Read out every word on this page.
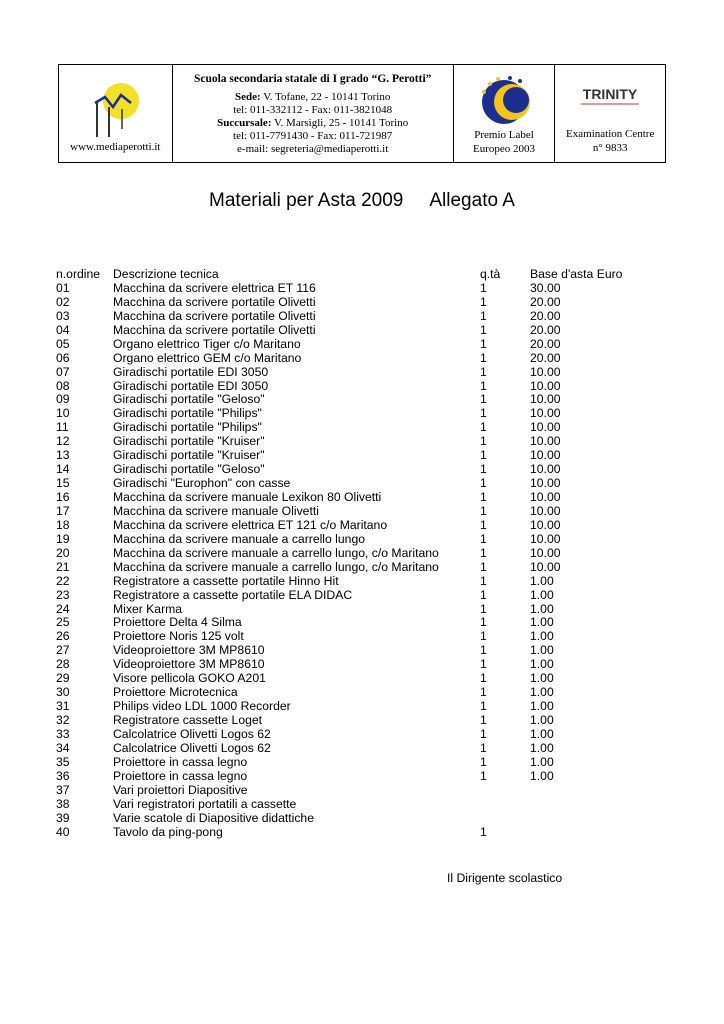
www.mediaperotti.it
Scuola secondaria statale di I grado “G. Perotti”
Sede: V. Tofane, 22 - 10141 Torino
tel: 011-332112 - Fax: 011-3821048
Succursale: V. Marsigli, 25 - 10141 Torino
tel: 011-7791430 - Fax: 011-721987
e-mail: segreteria@mediaperotti.it
Premio Label
Europeo 2003
TRINITY
Examination Centre
n° 9833
Materiali per Asta 2009 Allegato A
n.ordine Descrizione tecnica	q.tà Base d'asta Euro
01	Macchina da scrivere elettrica ET 116	1	30.00
02	Macchina da scrivere portatile Olivetti	1	20.00
03	Macchina da scrivere portatile Olivetti	1	20.00
04	Macchina da scrivere portatile Olivetti	1	20.00
05	Organo elettrico Tiger c/o Maritano	1	20.00
06	Organo elettrico GEM c/o Maritano	1	20.00
07	Giradischi portatile EDI 3050	1	10.00
08	Giradischi portatile EDI 3050	1	10.00
09	Giradischi portatile "Geloso"	1	10.00
10	Giradischi portatile "Philips"	1	10.00
11	Giradischi portatile "Philips"	1	10.00
12	Giradischi portatile "Kruiser"	1	10.00
13	Giradischi portatile "Kruiser"	1	10.00
14	Giradischi portatile "Geloso"	1	10.00
15	Giradischi "Europhon" con casse	1	10.00
16	Macchina da scrivere manuale Lexikon 80 Olivetti	1	10.00
17	Macchina da scrivere manuale Olivetti	1	10.00
18	Macchina da scrivere elettrica ET 121 c/o Maritano	1	10.00
19	Macchina da scrivere manuale a carrello lungo	1	10.00
20	Macchina da scrivere manuale a carrello lungo, c/o Maritano	1	10.00
21	Macchina da scrivere manuale a carrello lungo, c/o Maritano	1	10.00
22	Registratore a cassette portatile Hinno Hit	1	1.00
23	Registratore a cassette portatile ELA DIDAC	1	1.00
24	Mixer Karma	1	1.00
25	Proiettore Delta 4 Silma	1	1.00
26	Proiettore Noris 125 volt	1	1.00
27	Videoproiettore 3M MP8610	1	1.00
28	Videoproiettore 3M MP8610	1	1.00
29	Visore pellicola GOKO A201	1	1.00
30	Proiettore Microtecnica	1	1.00
31	Philips video LDL 1000 Recorder	1	1.00
32	Registratore cassette Loget	1	1.00
33	Calcolatrice Olivetti Logos 62	1	1.00
34	Calcolatrice Olivetti Logos 62	1	1.00
35	Proiettore in cassa legno	1	1.00
36	Proiettore in cassa legno	1	1.00
37	Vari proiettori Diapositive
38	Vari registratori portatili a cassette
39	Varie scatole di Diapositive didattiche
40	Tavolo da ping-pong	1
Il Dirigente scolastico
